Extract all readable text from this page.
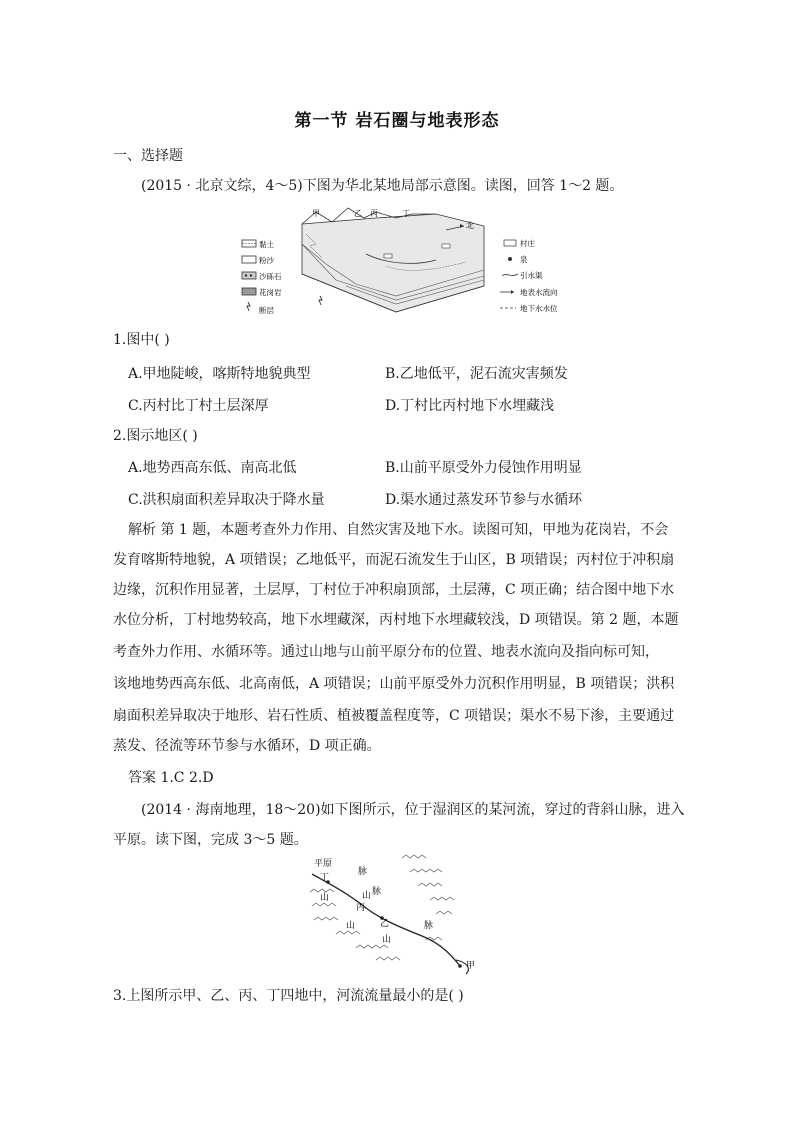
第一节 岩石圈与地表形态
一、选择题
(2015 · 北京文综，4～5)下图为华北某地局部示意图。读图，回答 1～2 题。
黏土
粉沙
沙砾石
花岗岩
断层
甲	乙 丙	丁
北
村庄
泉
引水渠
地表水流向
地下水水位
1.图中( )
A.甲地陡峻，喀斯特地貌典型	B.乙地低平，泥石流灾害频发
C.丙村比丁村土层深厚	D.丁村比丙村地下水埋藏浅
2.图示地区( )
A.地势西高东低、南高北低	B.山前平原受外力侵蚀作用明显
C.洪积扇面积差异取决于降水量	D.渠水通过蒸发环节参与水循环
解析 第 1 题，本题考查外力作用、自然灾害及地下水。读图可知，甲地为花岗岩，不会
发育喀斯特地貌，A 项错误；乙地低平，而泥石流发生于山区，B 项错误；丙村位于冲积扇
边缘，沉积作用显著，土层厚，丁村位于冲积扇顶部，土层薄，C 项正确；结合图中地下水
水位分析，丁村地势较高，地下水埋藏深，丙村地下水埋藏较浅，D 项错误。第 2 题，本题
考查外力作用、水循环等。通过山地与山前平原分布的位置、地表水流向及指向标可知，
该地地势西高东低、北高南低，A 项错误；山前平原受外力沉积作用明显，B 项错误；洪积
扇面积差异取决于地形、岩石性质、植被覆盖程度等，C 项错误；渠水不易下渗，主要通过
蒸发、径流等环节参与水循环，D 项正确。
答案 1.C 2.D
(2014 · 海南地理，18～20)如下图所示，位于湿润区的某河流，穿过的背斜山脉，进入
平原。读下图，完成 3～5 题。
平原
丁
山
脉
丙
山
脉
乙
山
山
脉
甲
3.上图所示甲、乙、丙、丁四地中，河流流量最小的是( )
